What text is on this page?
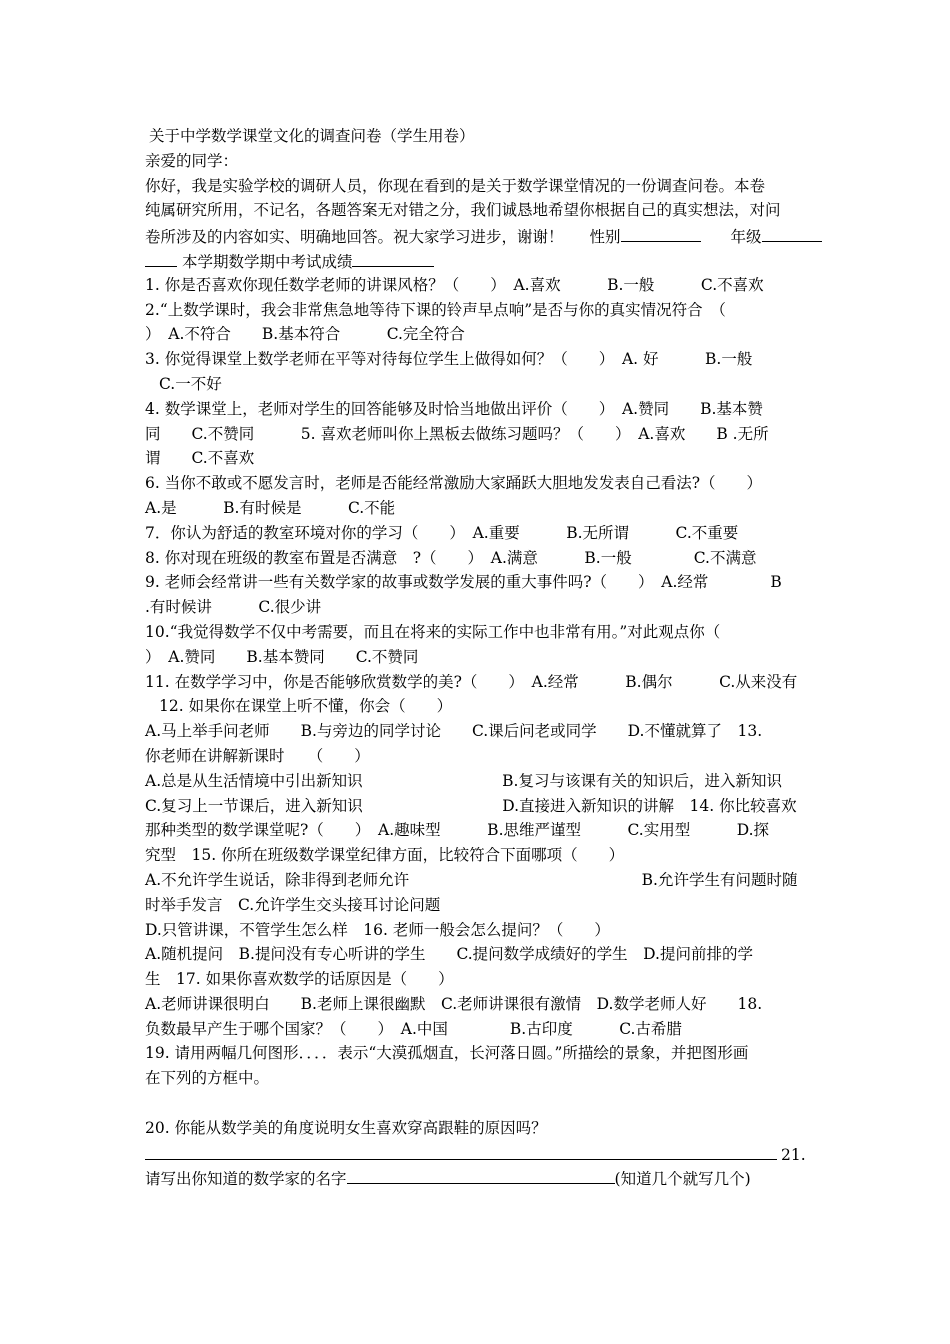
关于中学数学课堂文化的调查问卷（学生用卷）
亲爱的同学：
你好，我是实验学校的调研人员，你现在看到的是关于数学课堂情况的一份调查问卷。本卷
纯属研究所用，不记名，各题答案无对错之分，我们诚恳地希望你根据自己的真实想法，对问
卷所涉及的内容如实、明确地回答。祝大家学习进步，谢谢！ 性别	年级
本学期数学期中考试成绩
1. 你是否喜欢你现任数学老师的讲课风格？（　　）　A.喜欢　　　B.一般　　　C.不喜欢
2.“上数学课时，我会非常焦急地等待下课的铃声早点响”是否与你的真实情况符合　（
）　A.不符合　　B.基本符合　　　C.完全符合
3. 你觉得课堂上数学老师在平等对待每位学生上做得如何？（　　）　A. 好　　　B.一般
C.一不好
4. 数学课堂上，老师对学生的回答能够及时恰当地做出评价（　　）　A.赞同　　B.基本赞
同　　C.不赞同　　　5. 喜欢老师叫你上黑板去做练习题吗？（　　）　A.喜欢　　B .无所
谓　　C.不喜欢
6. 当你不敢或不愿发言时，老师是否能经常激励大家踊跃大胆地发发表自己看法?（　　）
A.是　　　B.有时候是　　　C.不能
7．你认为舒适的教室环境对你的学习（　　）　A.重要　　　B.无所谓　　　C.不重要
8. 你对现在班级的教室布置是否满意　?（　　）　A.满意　　　B.一般　　　　C.不满意
9. 老师会经常讲一些有关数学家的故事或数学发展的重大事件吗?（　　）　A.经常　　　　B
.有时候讲　　　C.很少讲
10.“我觉得数学不仅中考需要，而且在将来的实际工作中也非常有用。”对此观点你（
）　A.赞同　　B.基本赞同　　C.不赞同
11. 在数学学习中，你是否能够欣赏数学的美?（　　）　A.经常　　　B.偶尔　　　C.从来没有
12. 如果你在课堂上听不懂，你会（　　）
A.马上举手问老师　　B.与旁边的同学讨论　　C.课后问老或同学　　D.不懂就算了　13.
你老师在讲解新课时　　（　　）
A.总是从生活情境中引出新知识　　　　　　　　　B.复习与该课有关的知识后，进入新知识
C.复习上一节课后，进入新知识　　　　　　　　　D.直接进入新知识的讲解　14. 你比较喜欢
那种类型的数学课堂呢?（　　）　A.趣味型　　　B.思维严谨型　　　C.实用型　　　D.探
究型　15. 你所在班级数学课堂纪律方面，比较符合下面哪项（　　）
A.不允许学生说话，除非得到老师允许　　　　　　　　　　　　　　　B.允许学生有问题时随
时举手发言　C.允许学生交头接耳讨论问题
D.只管讲课，不管学生怎么样　16. 老师一般会怎么提问？（　　）
A.随机提问　B.提问没有专心听讲的学生　　C.提问数学成绩好的学生　D.提问前排的学
生　17. 如果你喜欢数学的话原因是（　　）
A.老师讲课很明白　　B.老师上课很幽默　C.老师讲课很有激情　D.数学老师人好　　18.
负数最早产生于哪个国家？（　　）　A.中国　　　　B.古印度　　　C.古希腊
19. 请用两幅几何图形．．．．表示“大漠孤烟直，长河落日圆。”所描绘的景象，并把图形画
在下列的方框中。
20. 你能从数学美的角度说明女生喜欢穿高跟鞋的原因吗？
21.
请写出你知道的数学家的名字	(知道几个就写几个)
